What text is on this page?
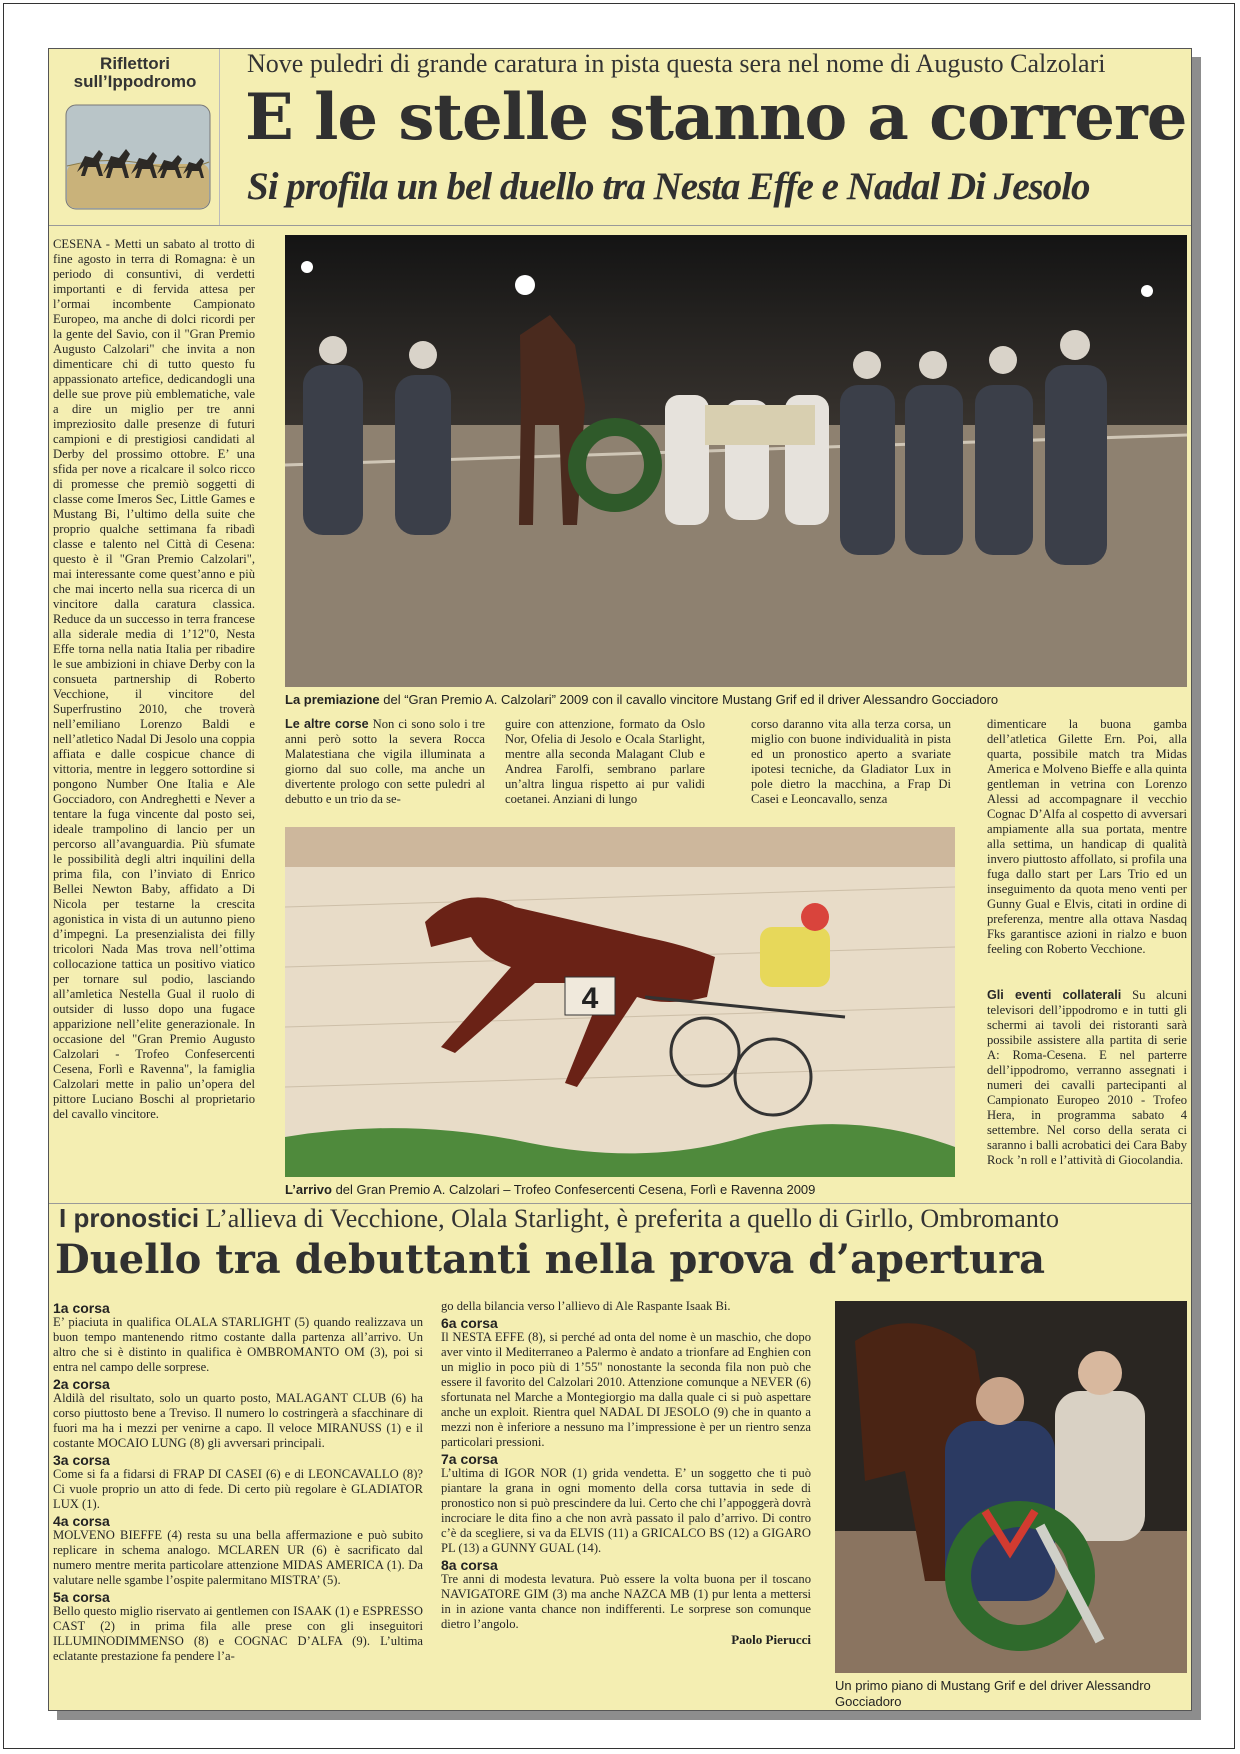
Riflettori sull’Ippodromo

Nove puledri di grande caratura in pista questa sera nel nome di Augusto Calzolari

E le stelle stanno a correre

Si profila un bel duello tra Nesta Effe e Nadal Di Jesolo

CESENA - Metti un sabato al trotto di fine agosto in terra di Romagna: è un periodo di consuntivi, di verdetti importanti e di fervida attesa per l’ormai incombente Campionato Europeo, ma anche di dolci ricordi per la gente del Savio, con il "Gran Premio Augusto Calzolari" che invita a non dimenticare chi di tutto questo fu appassionato artefice, dedicandogli una delle sue prove più emblematiche, vale a dire un miglio per tre anni impreziosito dalle presenze di futuri campioni e di prestigiosi candidati al Derby del prossimo ottobre. E’ una sfida per nove a ricalcare il solco ricco di promesse che premiò soggetti di classe come Imeros Sec, Little Games e Mustang Bi, l’ultimo della suite che proprio qualche settimana fa ribadì classe e talento nel Città di Cesena: questo è il "Gran Premio Calzolari", mai interessante come quest’anno e più che mai incerto nella sua ricerca di un vincitore dalla caratura classica. Reduce da un successo in terra francese alla siderale media di 1’12"0, Nesta Effe torna nella natia Italia per ribadire le sue ambizioni in chiave Derby con la consueta partnership di Roberto Vecchione, il vincitore del Superfrustino 2010, che troverà nell’emiliano Lorenzo Baldi e nell’atletico Nadal Di Jesolo una coppia affiata e dalle cospicue chance di vittoria, mentre in leggero sottordine si pongono Number One Italia e Ale Gocciadoro, con Andreghetti e Never a tentare la fuga vincente dal posto sei, ideale trampolino di lancio per un percorso all’avanguardia. Più sfumate le possibilità degli altri inquilini della prima fila, con l’inviato di Enrico Bellei Newton Baby, affidato a Di Nicola per testarne la crescita agonistica in vista di un autunno pieno d’impegni. La presenzialista dei filly tricolori Nada Mas trova nell’ottima collocazione tattica un positivo viatico per tornare sul podio, lasciando all’amletica Nestella Gual il ruolo di outsider di lusso dopo una fugace apparizione nell’elite generazionale. In occasione del "Gran Premio Augusto Calzolari - Trofeo Confesercenti Cesena, Forlì e Ravenna", la famiglia Calzolari mette in palio un’opera del pittore Luciano Boschi al proprietario del cavallo vincitore.

La premiazione del “Gran Premio A. Calzolari” 2009 con il cavallo vincitore Mustang Grif ed il driver Alessandro Gocciadoro

Le altre corse Non ci sono solo i tre anni però sotto la severa Rocca Malatestiana che vigila illuminata a giorno dal suo colle, ma anche un divertente prologo con sette puledri al debutto e un trio da se-

guire con attenzione, formato da Oslo Nor, Ofelia di Jesolo e Ocala Starlight, mentre alla seconda Malagant Club e Andrea Farolfi, sembrano parlare un’altra lingua rispetto ai pur validi coetanei. Anziani di lungo

corso daranno vita alla terza corsa, un miglio con buone individualità in pista ed un pronostico aperto a svariate ipotesi tecniche, da Gladiator Lux in pole dietro la macchina, a Frap Di Casei e Leoncavallo, senza

4

L’arrivo del Gran Premio A. Calzolari – Trofeo Confesercenti Cesena, Forlì e Ravenna 2009

dimenticare la buona gamba dell’atletica Gilette Ern. Poi, alla quarta, possibile match tra Midas America e Molveno Bieffe e alla quinta gentleman in vetrina con Lorenzo Alessi ad accompagnare il vecchio Cognac D’Alfa al cospetto di avversari ampiamente alla sua portata, mentre alla settima, un handicap di qualità invero piuttosto affollato, si profila una fuga dallo start per Lars Trio ed un inseguimento da quota meno venti per Gunny Gual e Elvis, citati in ordine di preferenza, mentre alla ottava Nasdaq Fks garantisce azioni in rialzo e buon feeling con Roberto Vecchione.

Gli eventi collaterali Su alcuni televisori dell’ippodromo e in tutti gli schermi ai tavoli dei ristoranti sarà possibile assistere alla partita di serie A: Roma-Cesena. E nel parterre dell’ippodromo, verranno assegnati i numeri dei cavalli partecipanti al Campionato Europeo 2010 - Trofeo Hera, in programma sabato 4 settembre. Nel corso della serata ci saranno i balli acrobatici dei Cara Baby Rock ’n roll e l’attività di Giocolandia.

I pronostici L’allieva di Vecchione, Olala Starlight, è preferita a quello di Girllo, Ombromanto

Duello tra debuttanti nella prova d’apertura

1a corsa

E’ piaciuta in qualifica OLALA STARLIGHT (5) quando realizzava un buon tempo mantenendo ritmo costante dalla partenza all’arrivo. Un altro che si è distinto in qualifica è OMBROMANTO OM (3), poi si entra nel campo delle sorprese.

2a corsa

Aldilà del risultato, solo un quarto posto, MALAGANT CLUB (6) ha corso piuttosto bene a Treviso. Il numero lo costringerà a sfacchinare di fuori ma ha i mezzi per venirne a capo. Il veloce MIRANUSS (1) e il costante MOCAIO LUNG (8) gli avversari principali.

3a corsa

Come si fa a fidarsi di FRAP DI CASEI (6) e di LEONCAVALLO (8)? Ci vuole proprio un atto di fede. Di certo più regolare è GLADIATOR LUX (1).

4a corsa

MOLVENO BIEFFE (4) resta su una bella affermazione e può subito replicare in schema analogo. MCLAREN UR (6) è sacrificato dal numero mentre merita particolare attenzione MIDAS AMERICA (1). Da valutare nelle sgambe l’ospite palermitano MISTRA’ (5).

5a corsa

Bello questo miglio riservato ai gentlemen con ISAAK (1) e ESPRESSO CAST (2) in prima fila alle prese con gli inseguitori ILLUMINODIMMENSO (8) e COGNAC D’ALFA (9). L’ultima eclatante prestazione fa pendere l’a-

go della bilancia verso l’allievo di Ale Raspante Isaak Bi.

6a corsa

Il NESTA EFFE (8), si perché ad onta del nome è un maschio, che dopo aver vinto il Mediterraneo a Palermo è andato a trionfare ad Enghien con un miglio in poco più di 1’55" nonostante la seconda fila non può che essere il favorito del Calzolari 2010. Attenzione comunque a NEVER (6) sfortunata nel Marche a Montegiorgio ma dalla quale ci si può aspettare anche un exploit. Rientra quel NADAL DI JESOLO (9) che in quanto a mezzi non è inferiore a nessuno ma l’impressione è per un rientro senza particolari pressioni.

7a corsa

L’ultima di IGOR NOR (1) grida vendetta. E’ un soggetto che ti può piantare la grana in ogni momento della corsa tuttavia in sede di pronostico non si può prescindere da lui. Certo che chi l’appoggerà dovrà incrociare le dita fino a che non avrà passato il palo d’arrivo. Di contro c’è da scegliere, si va da ELVIS (11) a GRICALCO BS (12) a GIGARO PL (13) a GUNNY GUAL (14).

8a corsa

Tre anni di modesta levatura. Può essere la volta buona per il toscano NAVIGATORE GIM (3) ma anche NAZCA MB (1) pur lenta a mettersi in in azione vanta chance non indifferenti. Le sorprese son comunque dietro l’angolo.

Paolo Pierucci

Un primo piano di Mustang Grif e del driver Alessandro Gocciadoro
